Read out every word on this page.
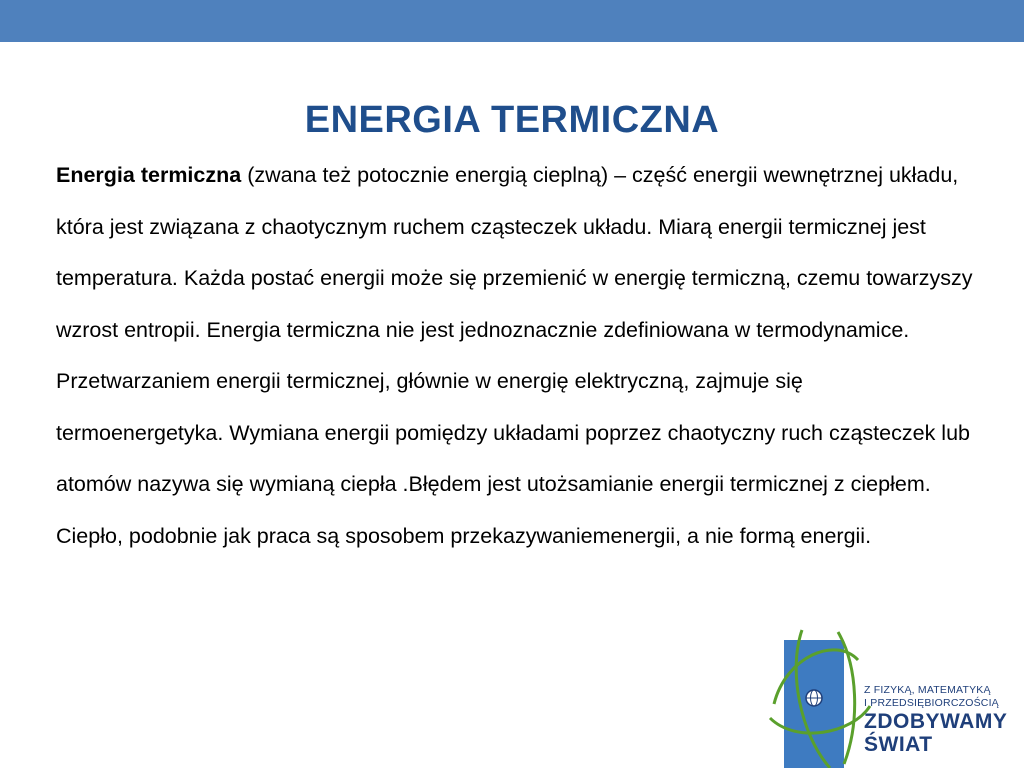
ENERGIA TERMICZNA

Energia termiczna (zwana też potocznie energią cieplną) – część energii wewnętrznej układu, która jest związana z chaotycznym ruchem cząsteczek układu. Miarą energii termicznej jest temperatura. Każda postać energii może się przemienić w energię termiczną, czemu towarzyszy wzrost entropii. Energia termiczna nie jest jednoznacznie zdefiniowana w termodynamice. Przetwarzaniem energii termicznej, głównie w energię elektryczną, zajmuje się termoenergetyka. Wymiana energii pomiędzy układami poprzez chaotyczny ruch cząsteczek lub atomów nazywa się wymianą ciepła .Błędem jest utożsamianie energii termicznej z ciepłem. Ciepło, podobnie jak praca są sposobem przekazywaniemenergii, a nie formą energii.

Z FIZYKĄ, MATEMATYKĄ
I PRZEDSIĘBIORCZOŚCIĄ
ZDOBYWAMY
ŚWIAT
